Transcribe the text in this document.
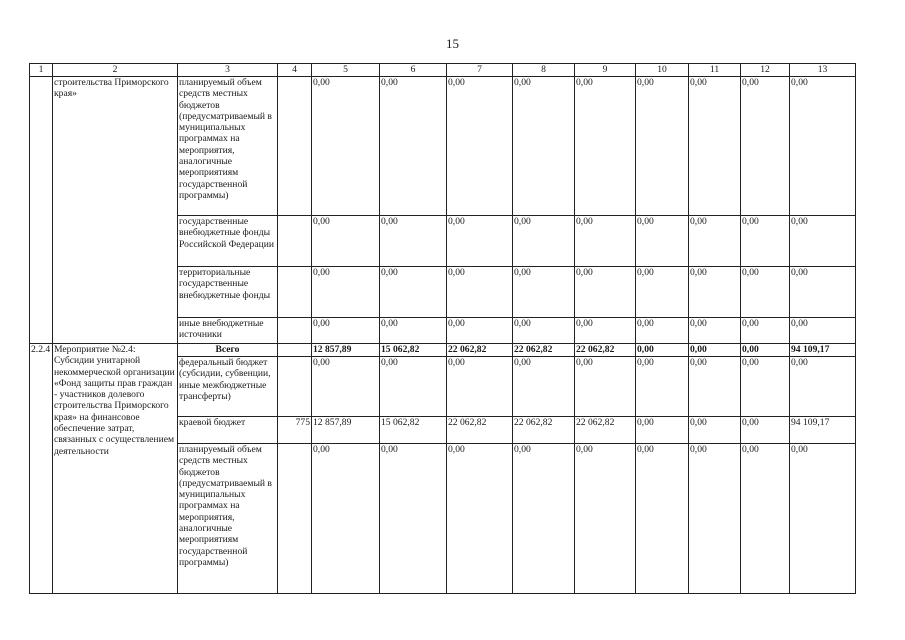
15
1	2	3	4	5	6	7	8	9	10	11	12	13
	строительства Приморского края»	планируемый объем средств местных бюджетов (предусматриваемый в муниципальных программах на мероприятия, аналогичные мероприятиям государственной программы)		0,00	0,00	0,00	0,00	0,00	0,00	0,00	0,00	0,00
		государственные внебюджетные фонды Российской Федерации		0,00	0,00	0,00	0,00	0,00	0,00	0,00	0,00	0,00
		территориальные государственные внебюджетные фонды		0,00	0,00	0,00	0,00	0,00	0,00	0,00	0,00	0,00
		иные внебюджетные источники		0,00	0,00	0,00	0,00	0,00	0,00	0,00	0,00	0,00
2.2.4	Мероприятие №2.4: Субсидии унитарной некоммерческой организации «Фонд защиты прав граждан - участников долевого строительства Приморского края» на финансовое обеспечение затрат, связанных с осуществлением деятельности	Всего		12 857,89	15 062,82	22 062,82	22 062,82	22 062,82	0,00	0,00	0,00	94 109,17
		федеральный бюджет (субсидии, субвенции, иные межбюджетные трансферты)		0,00	0,00	0,00	0,00	0,00	0,00	0,00	0,00	0,00
		краевой бюджет	775	12 857,89	15 062,82	22 062,82	22 062,82	22 062,82	0,00	0,00	0,00	94 109,17
		планируемый объем средств местных бюджетов (предусматриваемый в муниципальных программах на мероприятия, аналогичные мероприятиям государственной программы)		0,00	0,00	0,00	0,00	0,00	0,00	0,00	0,00	0,00
